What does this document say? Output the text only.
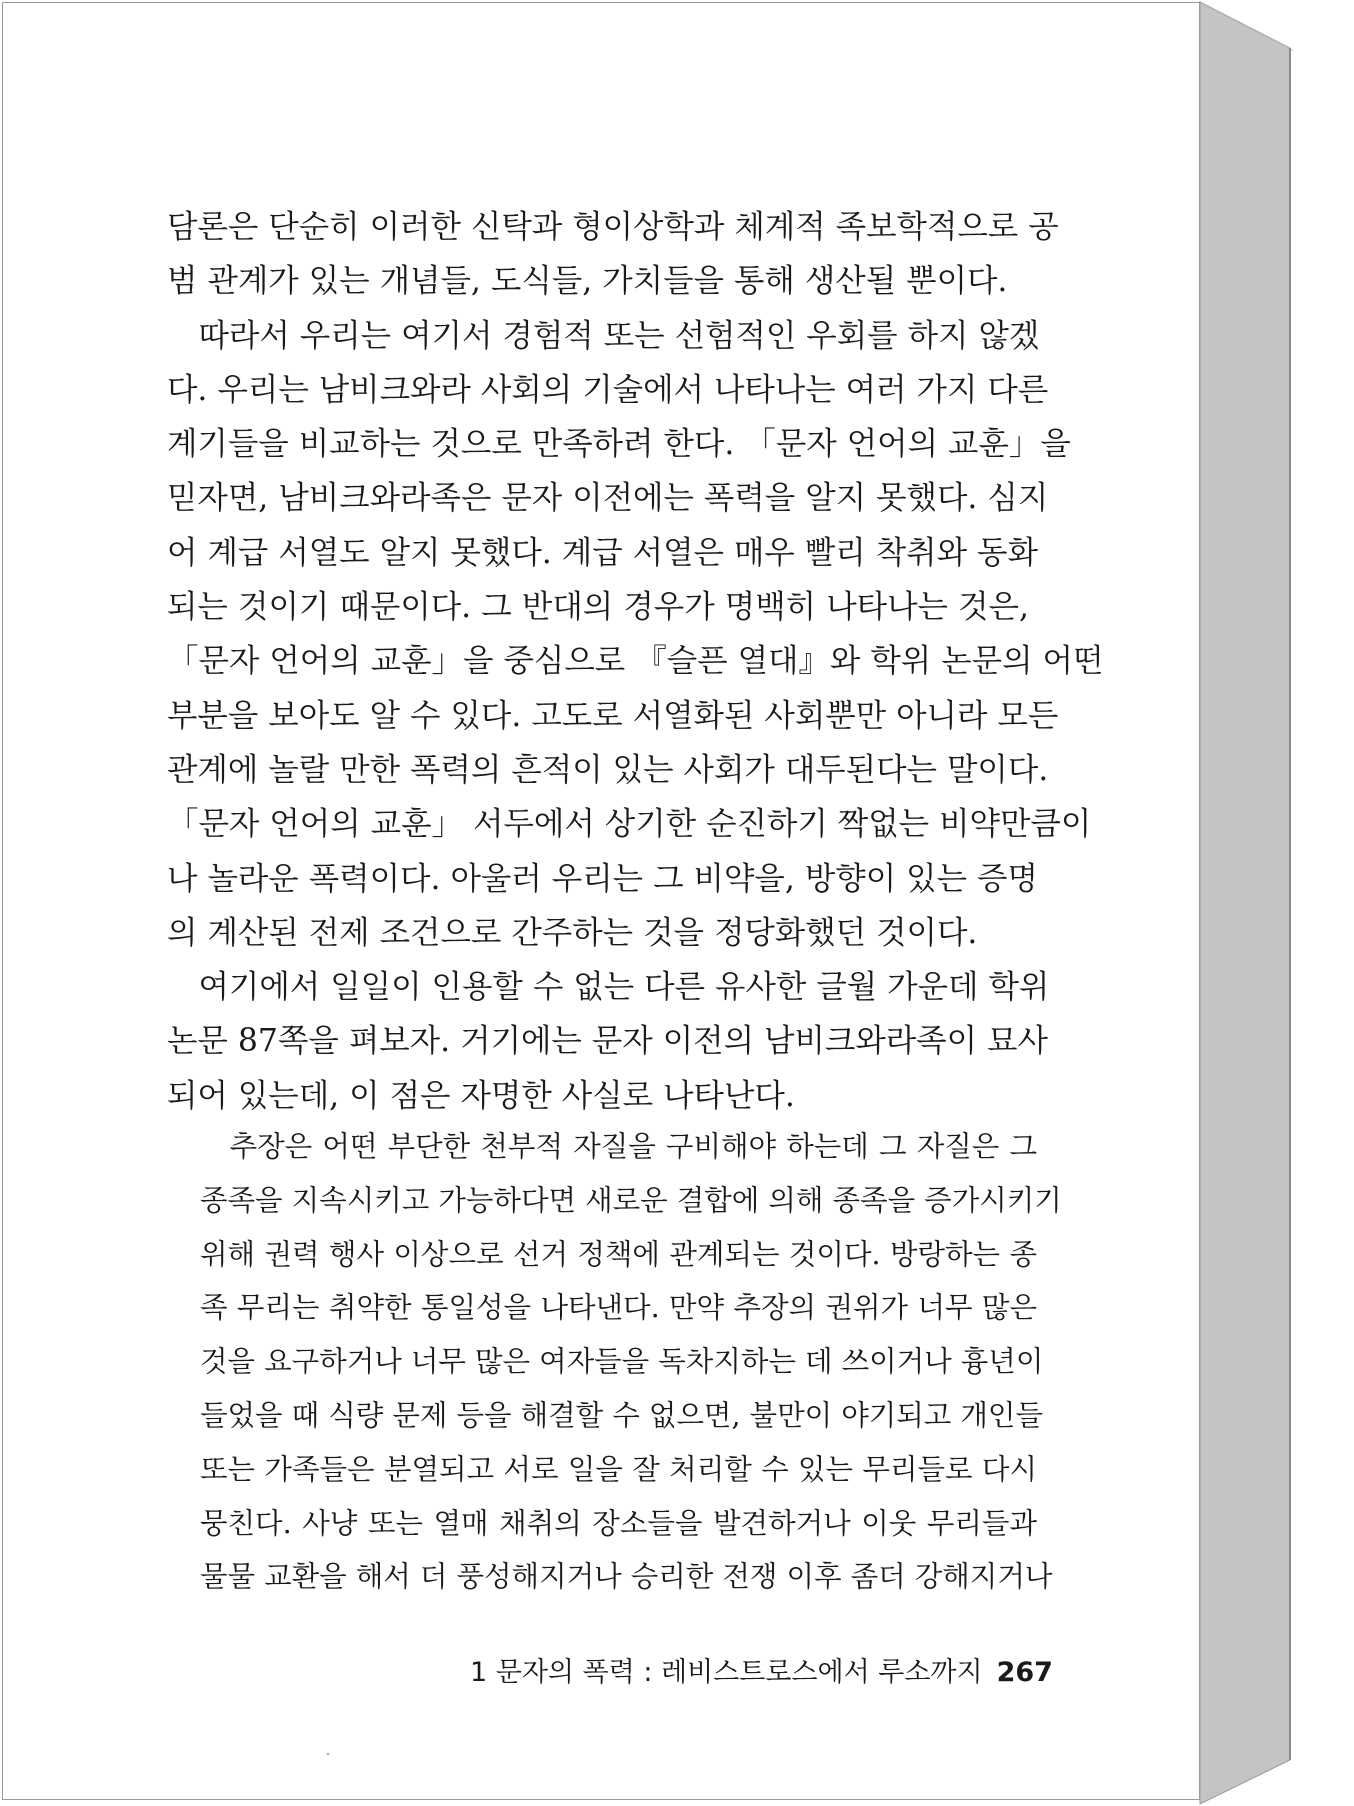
담론은 단순히 이러한 신탁과 형이상학과 체계적 족보학적으로 공
범 관계가 있는 개념들, 도식들, 가치들을 통해 생산될 뿐이다.
　따라서 우리는 여기서 경험적 또는 선험적인 우회를 하지 않겠
다. 우리는 남비크와라 사회의 기술에서 나타나는 여러 가지 다른
계기들을 비교하는 것으로 만족하려 한다. 「문자 언어의 교훈」을
믿자면, 남비크와라족은 문자 이전에는 폭력을 알지 못했다. 심지
어 계급 서열도 알지 못했다. 계급 서열은 매우 빨리 착취와 동화
되는 것이기 때문이다. 그 반대의 경우가 명백히 나타나는 것은,
「문자 언어의 교훈」을 중심으로 『슬픈 열대』와 학위 논문의 어떤
부분을 보아도 알 수 있다. 고도로 서열화된 사회뿐만 아니라 모든
관계에 놀랄 만한 폭력의 흔적이 있는 사회가 대두된다는 말이다.
「문자 언어의 교훈」 서두에서 상기한 순진하기 짝없는 비약만큼이
나 놀라운 폭력이다. 아울러 우리는 그 비약을, 방향이 있는 증명
의 계산된 전제 조건으로 간주하는 것을 정당화했던 것이다.
　여기에서 일일이 인용할 수 없는 다른 유사한 글월 가운데 학위
논문 87쪽을 펴보자. 거기에는 문자 이전의 남비크와라족이 묘사
되어 있는데, 이 점은 자명한 사실로 나타난다.
　추장은 어떤 부단한 천부적 자질을 구비해야 하는데 그 자질은 그
종족을 지속시키고 가능하다면 새로운 결합에 의해 종족을 증가시키기
위해 권력 행사 이상으로 선거 정책에 관계되는 것이다. 방랑하는 종
족 무리는 취약한 통일성을 나타낸다. 만약 추장의 권위가 너무 많은
것을 요구하거나 너무 많은 여자들을 독차지하는 데 쓰이거나 흉년이
들었을 때 식량 문제 등을 해결할 수 없으면, 불만이 야기되고 개인들
또는 가족들은 분열되고 서로 일을 잘 처리할 수 있는 무리들로 다시
뭉친다. 사냥 또는 열매 채취의 장소들을 발견하거나 이웃 무리들과
물물 교환을 해서 더 풍성해지거나 승리한 전쟁 이후 좀더 강해지거나
1 문자의 폭력 : 레비스트로스에서 루소까지 267
